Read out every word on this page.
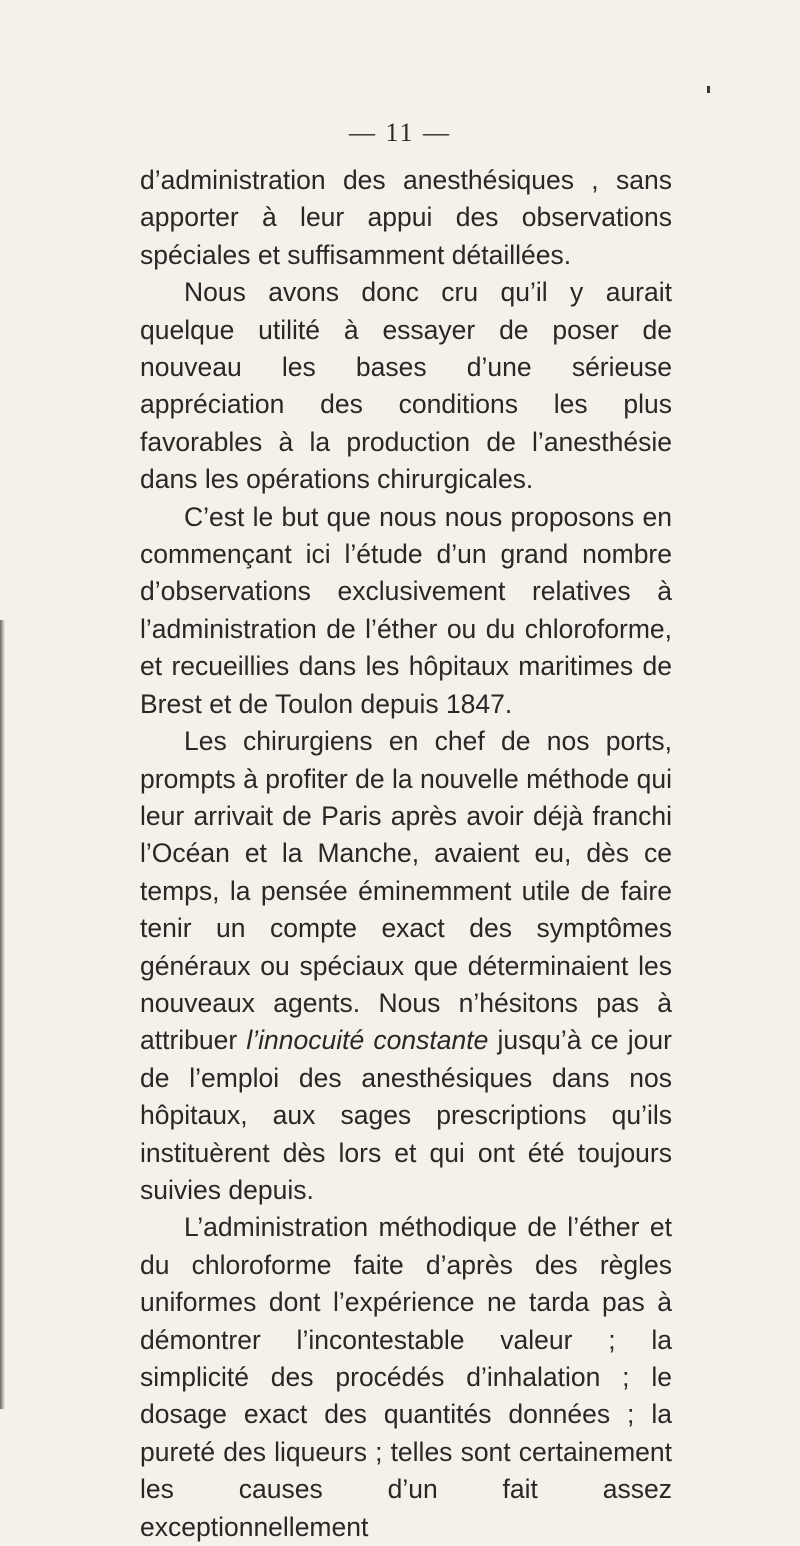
— 11 —

d’administration des anesthésiques , sans apporter à leur appui des observations spéciales et suffisamment détaillées.

Nous avons donc cru qu’il y aurait quelque utilité à essayer de poser de nouveau les bases d’une sérieuse appréciation des conditions les plus favorables à la production de l’anesthésie dans les opérations chirurgicales.

C’est le but que nous nous proposons en commençant ici l’étude d’un grand nombre d’observations exclusivement relatives à l’administration de l’éther ou du chloroforme, et recueillies dans les hôpitaux maritimes de Brest et de Toulon depuis 1847.

Les chirurgiens en chef de nos ports, prompts à profiter de la nouvelle méthode qui leur arrivait de Paris après avoir déjà franchi l’Océan et la Manche, avaient eu, dès ce temps, la pensée éminemment utile de faire tenir un compte exact des symptômes généraux ou spéciaux que déterminaient les nouveaux agents. Nous n’hésitons pas à attribuer l’innocuité constante jusqu’à ce jour de l’emploi des anesthésiques dans nos hôpitaux, aux sages prescriptions qu’ils instituèrent dès lors et qui ont été toujours suivies depuis.

L’administration méthodique de l’éther et du chloroforme faite d’après des règles uniformes dont l’expérience ne tarda pas à démontrer l’incontestable valeur ; la simplicité des procédés d’inhalation ; le dosage exact des quantités données ; la pureté des liqueurs ; telles sont certainement les causes d’un fait assez exceptionnellement
